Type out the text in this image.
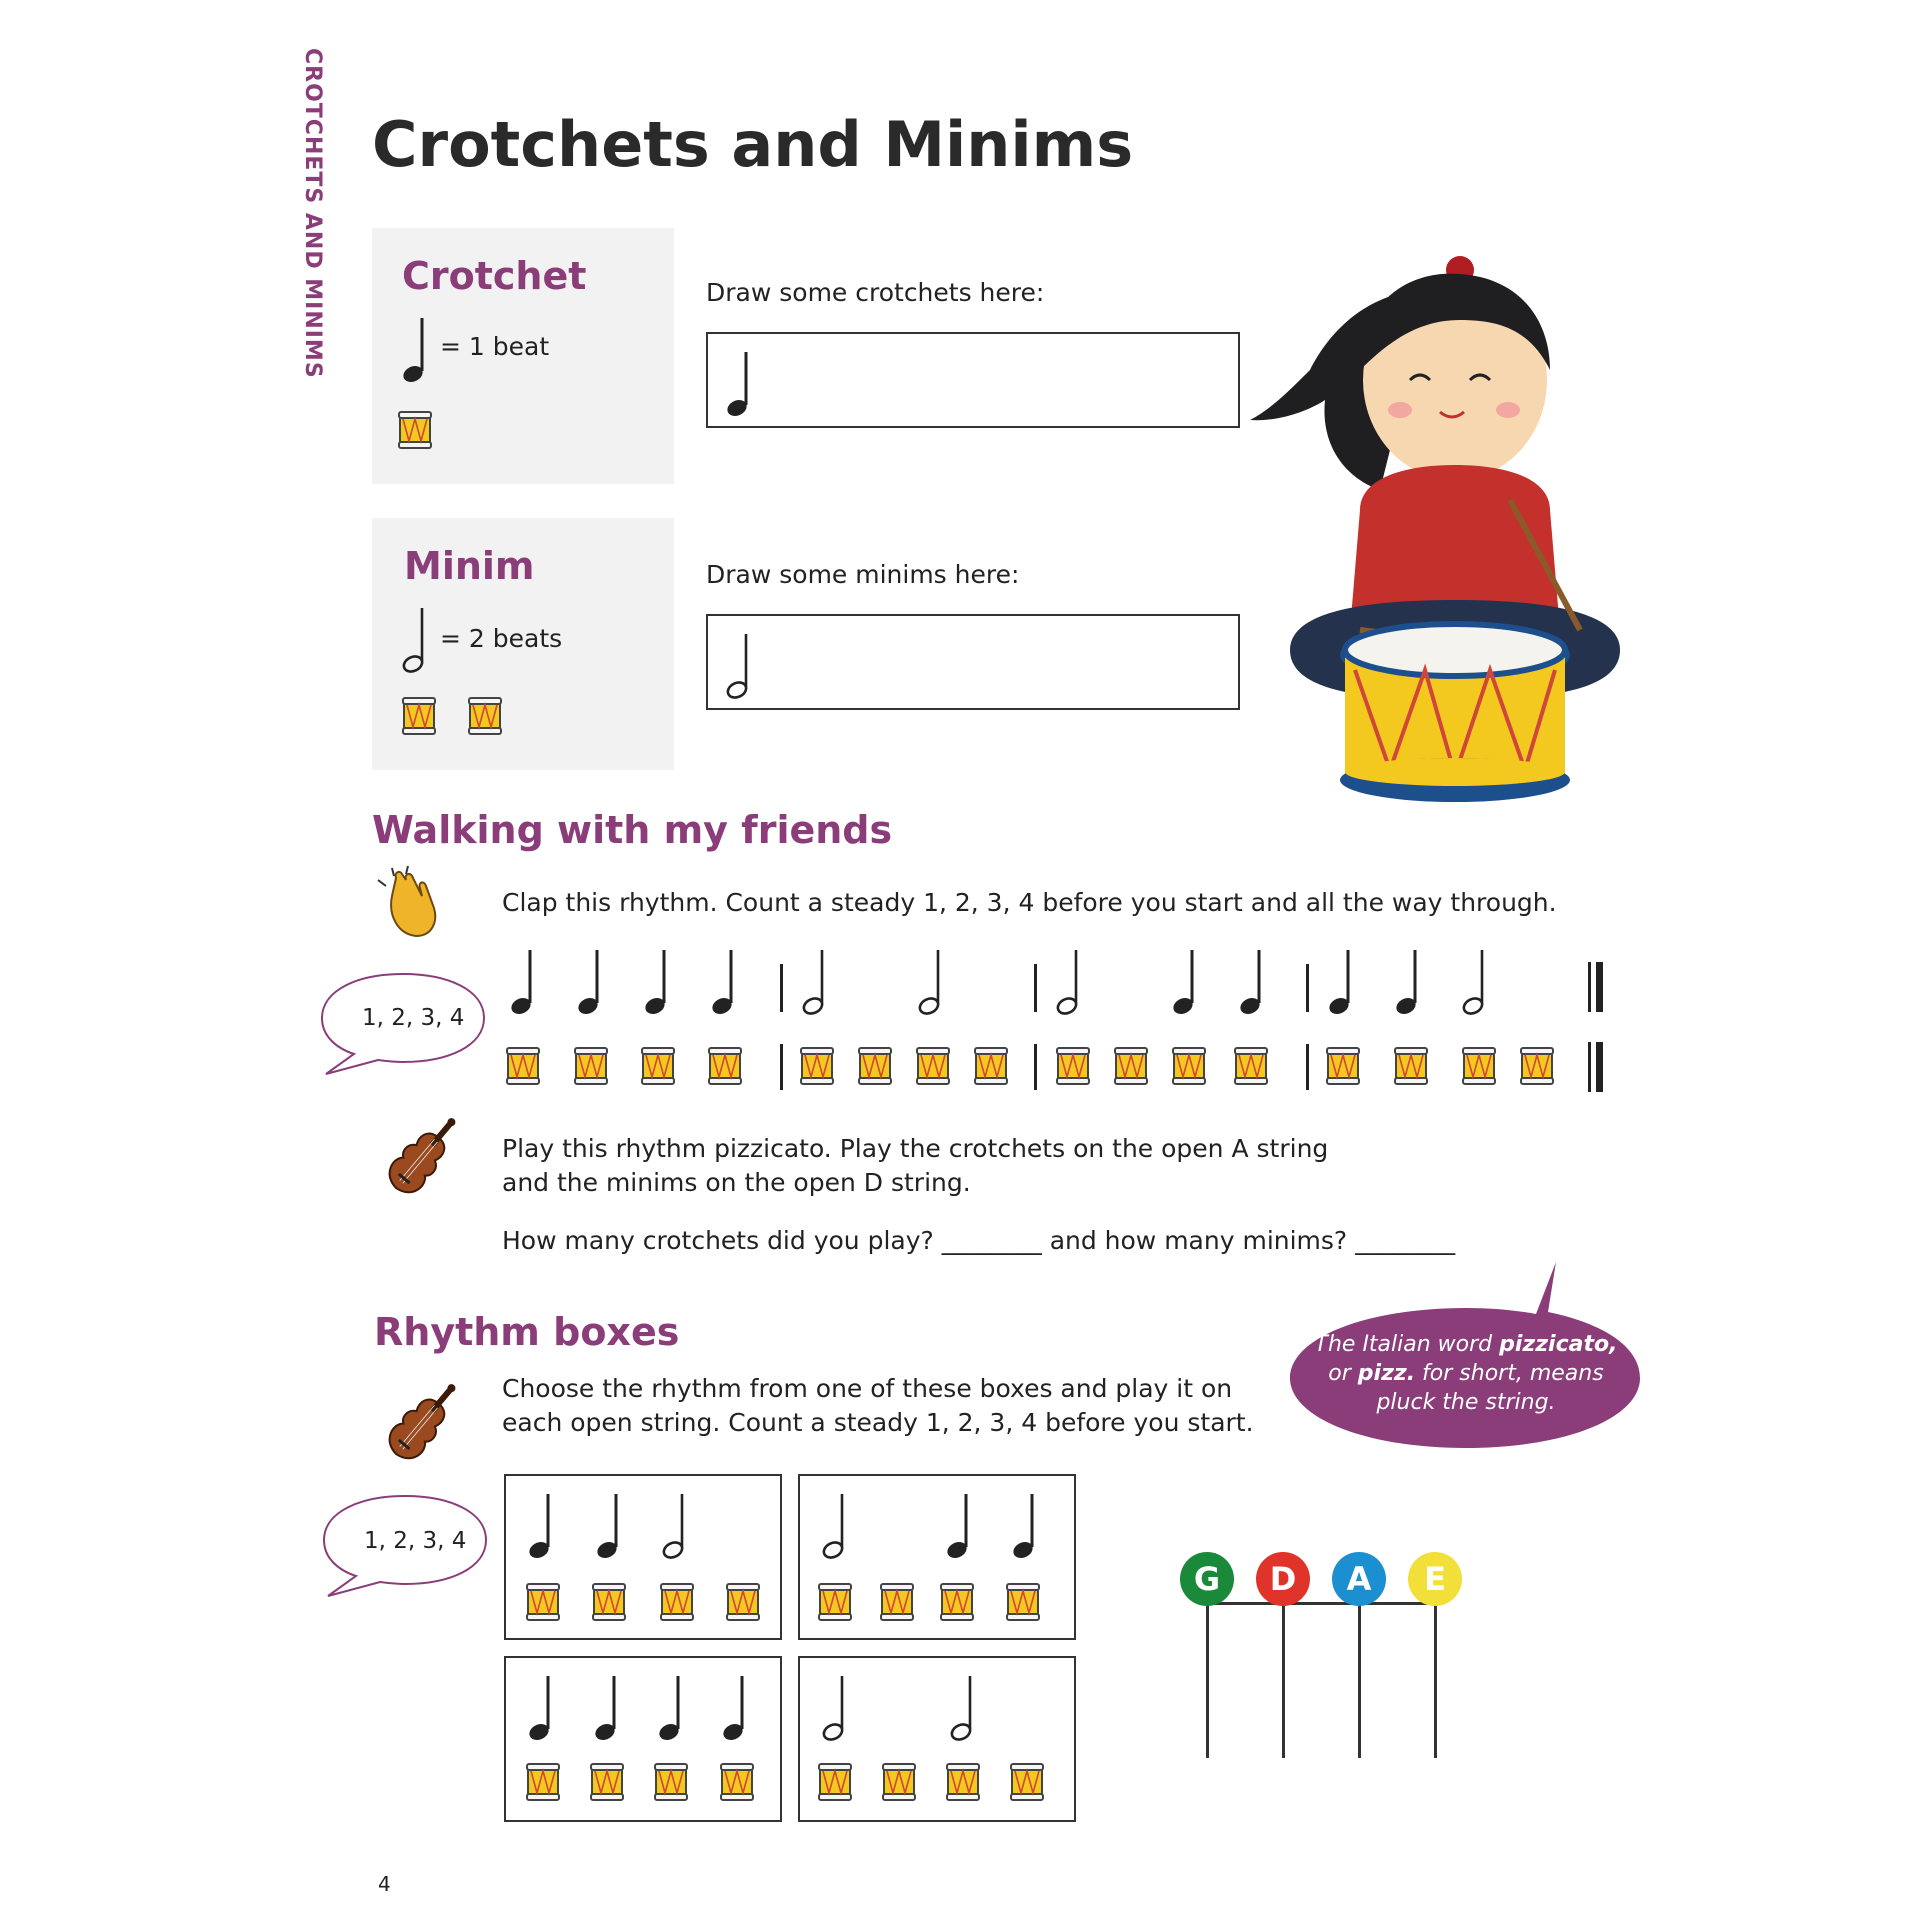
CROTCHETS AND MINIMS Crotchets and Minims
Crotchet
= 1 beat
Draw some crotchets here:
Minim
= 2 beats
Draw some minims here:
Walking with my friends
Clap this rhythm. Count a steady 1, 2, 3, 4 before you start and all the way through.
1, 2, 3, 4
Play this rhythm pizzicato. Play the crotchets on the open A string
and the minims on the open D string.
How many crotchets did you play? ________ and how many minims? ________
Rhythm boxes
Choose the rhythm from one of these boxes and play it on
each open string. Count a steady 1, 2, 3, 4 before you start.
The Italian word pizzicato,
or pizz. for short, means
pluck the string.
1, 2, 3, 4
G	D	A	E
4
